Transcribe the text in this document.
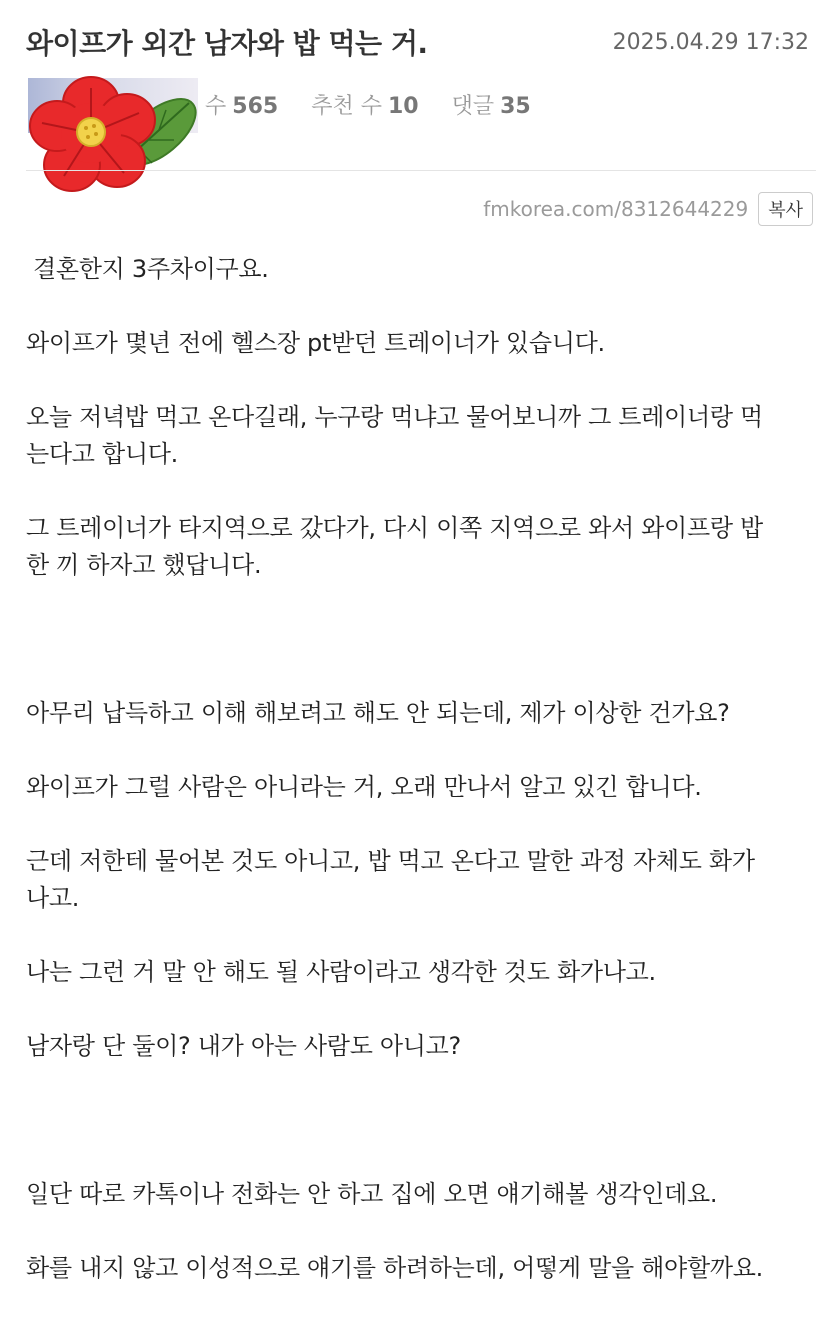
와이프가 외간 남자와 밥 먹는 거.	2025.04.29 17:32
수 565 추천 수 10 댓글 35
fmkorea.com/8312644229	복사

결혼한지 3주차이구요.

와이프가 몇년 전에 헬스장 pt받던 트레이너가 있습니다.

오늘 저녁밥 먹고 온다길래, 누구랑 먹냐고 물어보니까 그 트레이너랑 먹

는다고 합니다.

그 트레이너가 타지역으로 갔다가, 다시 이쪽 지역으로 와서 와이프랑 밥

한 끼 하자고 했답니다.

아무리 납득하고 이해 해보려고 해도 안 되는데, 제가 이상한 건가요?

와이프가 그럴 사람은 아니라는 거, 오래 만나서 알고 있긴 합니다.

근데 저한테 물어본 것도 아니고, 밥 먹고 온다고 말한 과정 자체도 화가

나고.

나는 그런 거 말 안 해도 될 사람이라고 생각한 것도 화가나고.

남자랑 단 둘이? 내가 아는 사람도 아니고?

일단 따로 카톡이나 전화는 안 하고 집에 오면 얘기해볼 생각인데요.

화를 내지 않고 이성적으로 얘기를 하려하는데, 어떻게 말을 해야할까요.
